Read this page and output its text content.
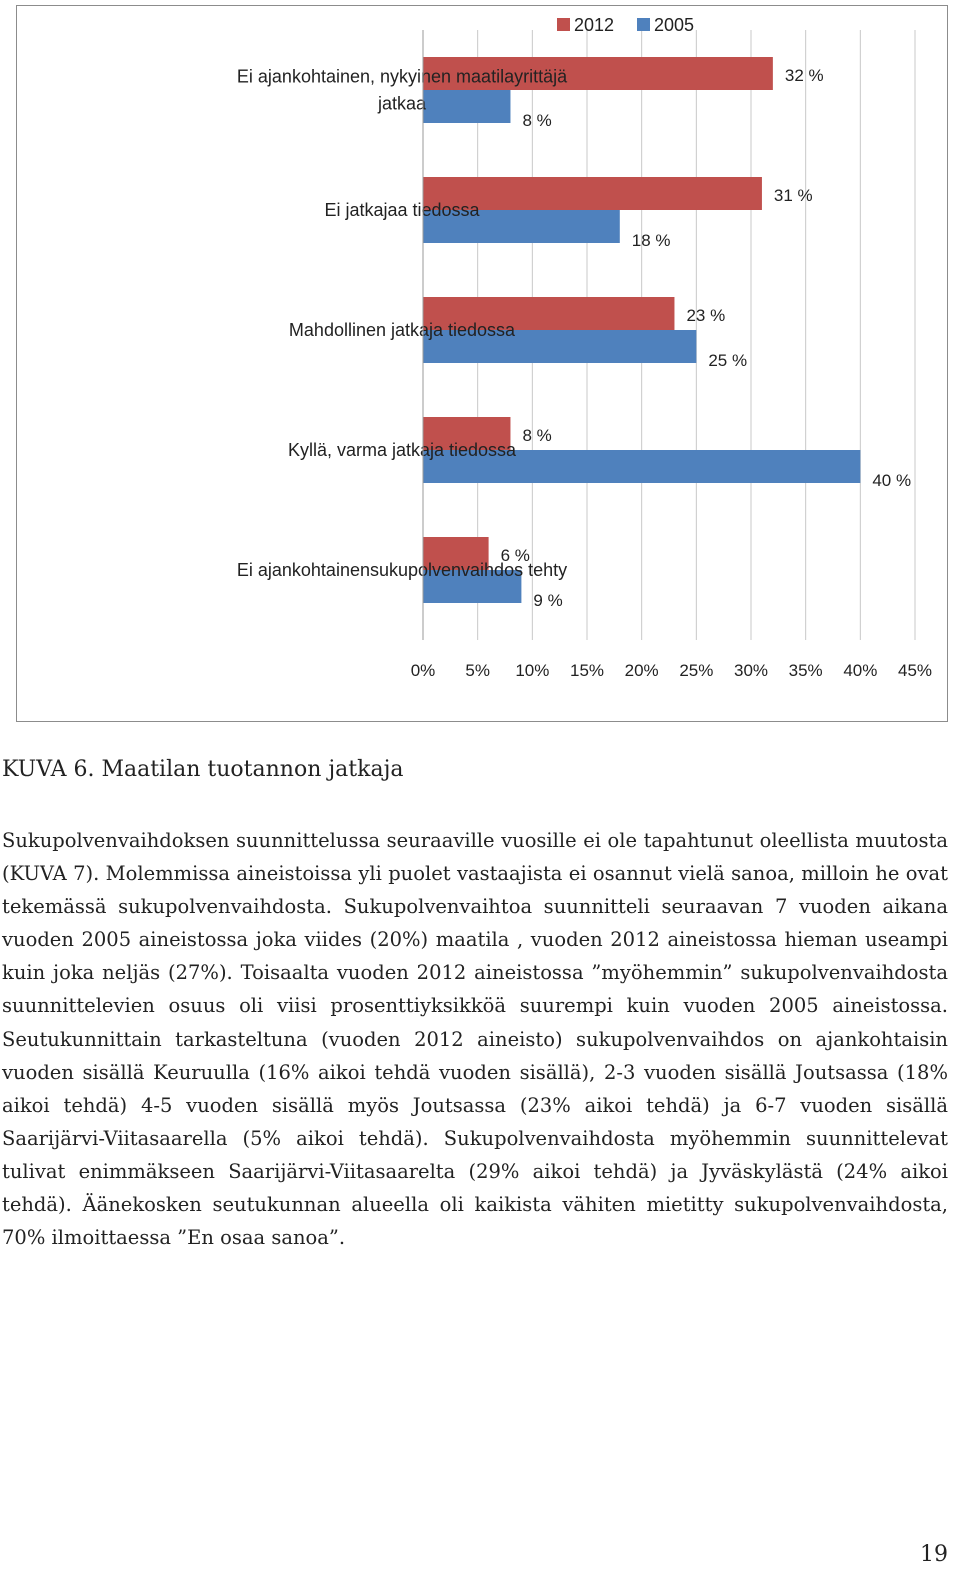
0% 5% 10% 15% 20% 25% 30% 35% 40% 45%
32 %
8 %
Ei ajankohtainen, nykyinen maatilayrittäjä
jatkaa
31 %
18 %
Ei jatkajaa tiedossa
23 %
25 %
Mahdollinen jatkaja tiedossa
8 %
40 %
Kyllä, varma jatkaja tiedossa
6 %
9 %
Ei ajankohtainensukupolvenvaihdos tehty
2012 2005

KUVA 6. Maatilan tuotannon jatkaja

Sukupolvenvaihdoksen suunnittelussa seuraaville vuosille ei ole tapahtunut oleellista muutosta (KUVA 7). Molemmissa aineistoissa yli puolet vastaajista ei osannut vielä sanoa, milloin he ovat tekemässä sukupolvenvaihdosta. Sukupolvenvaihtoa suunnitteli seuraavan 7 vuoden aikana vuoden 2005 aineistossa joka viides (20%) maatila , vuoden 2012 aineistossa hieman useampi kuin joka neljäs (27%). Toisaalta vuoden 2012 aineistossa ”myöhemmin” sukupolvenvaihdosta suunnittelevien osuus oli viisi prosenttiyksikköä suurempi kuin vuoden 2005 aineistossa. Seutukunnittain tarkasteltuna (vuoden 2012 aineisto) sukupolvenvaihdos on ajankohtaisin vuoden sisällä Keuruulla (16% aikoi tehdä vuoden sisällä), 2-3 vuoden sisällä Joutsassa (18% aikoi tehdä) 4-5 vuoden sisällä myös Joutsassa (23% aikoi tehdä) ja 6-7 vuoden sisällä Saarijärvi-Viitasaarella (5% aikoi tehdä). Sukupolvenvaihdosta myöhemmin suunnittelevat tulivat enimmäkseen Saarijärvi-Viitasaarelta (29% aikoi tehdä) ja Jyväskylästä (24% aikoi tehdä). Äänekosken seutukunnan alueella oli kaikista vähiten mietitty sukupolvenvaihdosta, 70% ilmoittaessa ”En osaa sanoa”.

19
